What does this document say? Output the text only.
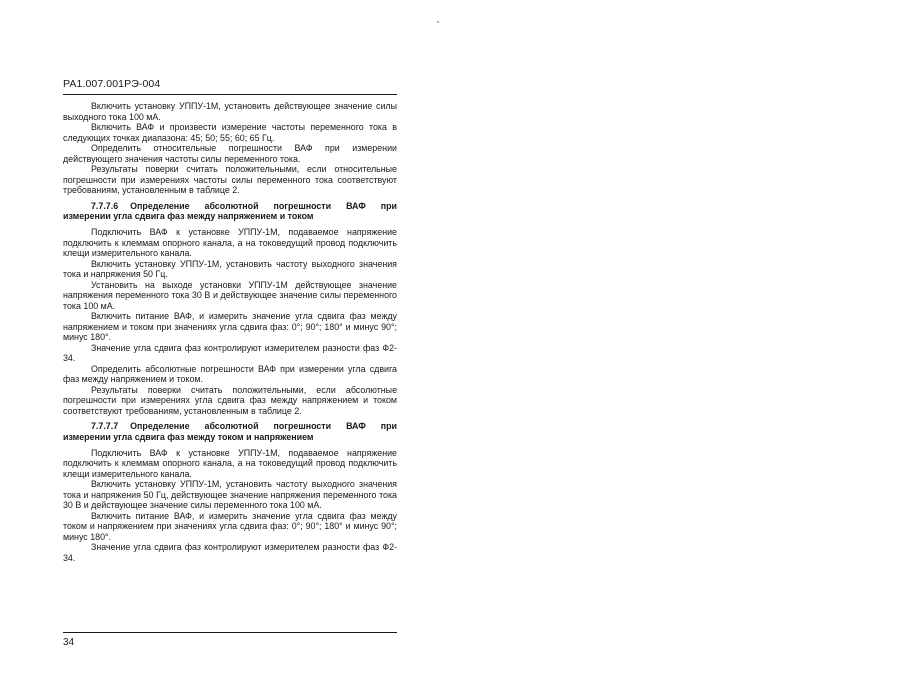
РА1.007.001РЭ-004

Включить установку УППУ-1М, установить действующее значение силы выходного тока 100 мА.

Включить ВАФ и произвести измерение частоты переменного тока в следующих точках диапазона: 45; 50; 55; 60; 65 Гц.

Определить относительные погрешности ВАФ при измерении действующего значения частоты силы переменного тока.

Результаты поверки считать положительными, если относительные погрешности при измерениях частоты силы переменного тока соответствуют требованиям, установленным в таблице 2.

7.7.7.6 Определение абсолютной погрешности ВАФ при измерении угла сдвига фаз между напряжением и током

Подключить ВАФ к установке УППУ-1М, подаваемое напряжение подключить к клеммам опорного канала, а на токоведущий провод подключить клещи измерительного канала.

Включить установку УППУ-1М, установить частоту выходного значения тока и напряжения 50 Гц.

Установить на выходе установки УППУ-1М действующее значение напряжения переменного тока 30 В и действующее значение силы переменного тока 100 мА.

Включить питание ВАФ, и измерить значение угла сдвига фаз между напряжением и током при значениях угла сдвига фаз: 0°; 90°; 180° и минус 90°; минус 180°.

Значение угла сдвига фаз контролируют измерителем разности фаз Ф2-34.

Определить абсолютные погрешности ВАФ при измерении угла сдвига фаз между напряжением и током.

Результаты поверки считать положительными, если абсолютные погрешности при измерениях угла сдвига фаз между напряжением и током соответствуют требованиям, установленным в таблице 2.

7.7.7.7 Определение абсолютной погрешности ВАФ при измерении угла сдвига фаз между током и напряжением

Подключить ВАФ к установке УППУ-1М, подаваемое напряжение подключить к клеммам опорного канала, а на токоведущий провод подключить клещи измерительного канала.

Включить установку УППУ-1М, установить частоту выходного значения тока и напряжения 50 Гц, действующее значение напряжения переменного тока 30 В и действующее значение силы переменного тока 100 мА.

Включить питание ВАФ, и измерить значение угла сдвига фаз между током и напряжением при значениях угла сдвига фаз: 0°; 90°; 180° и минус 90°; минус 180°.

Значение угла сдвига фаз контролируют измерителем разности фаз Ф2-34.

34
